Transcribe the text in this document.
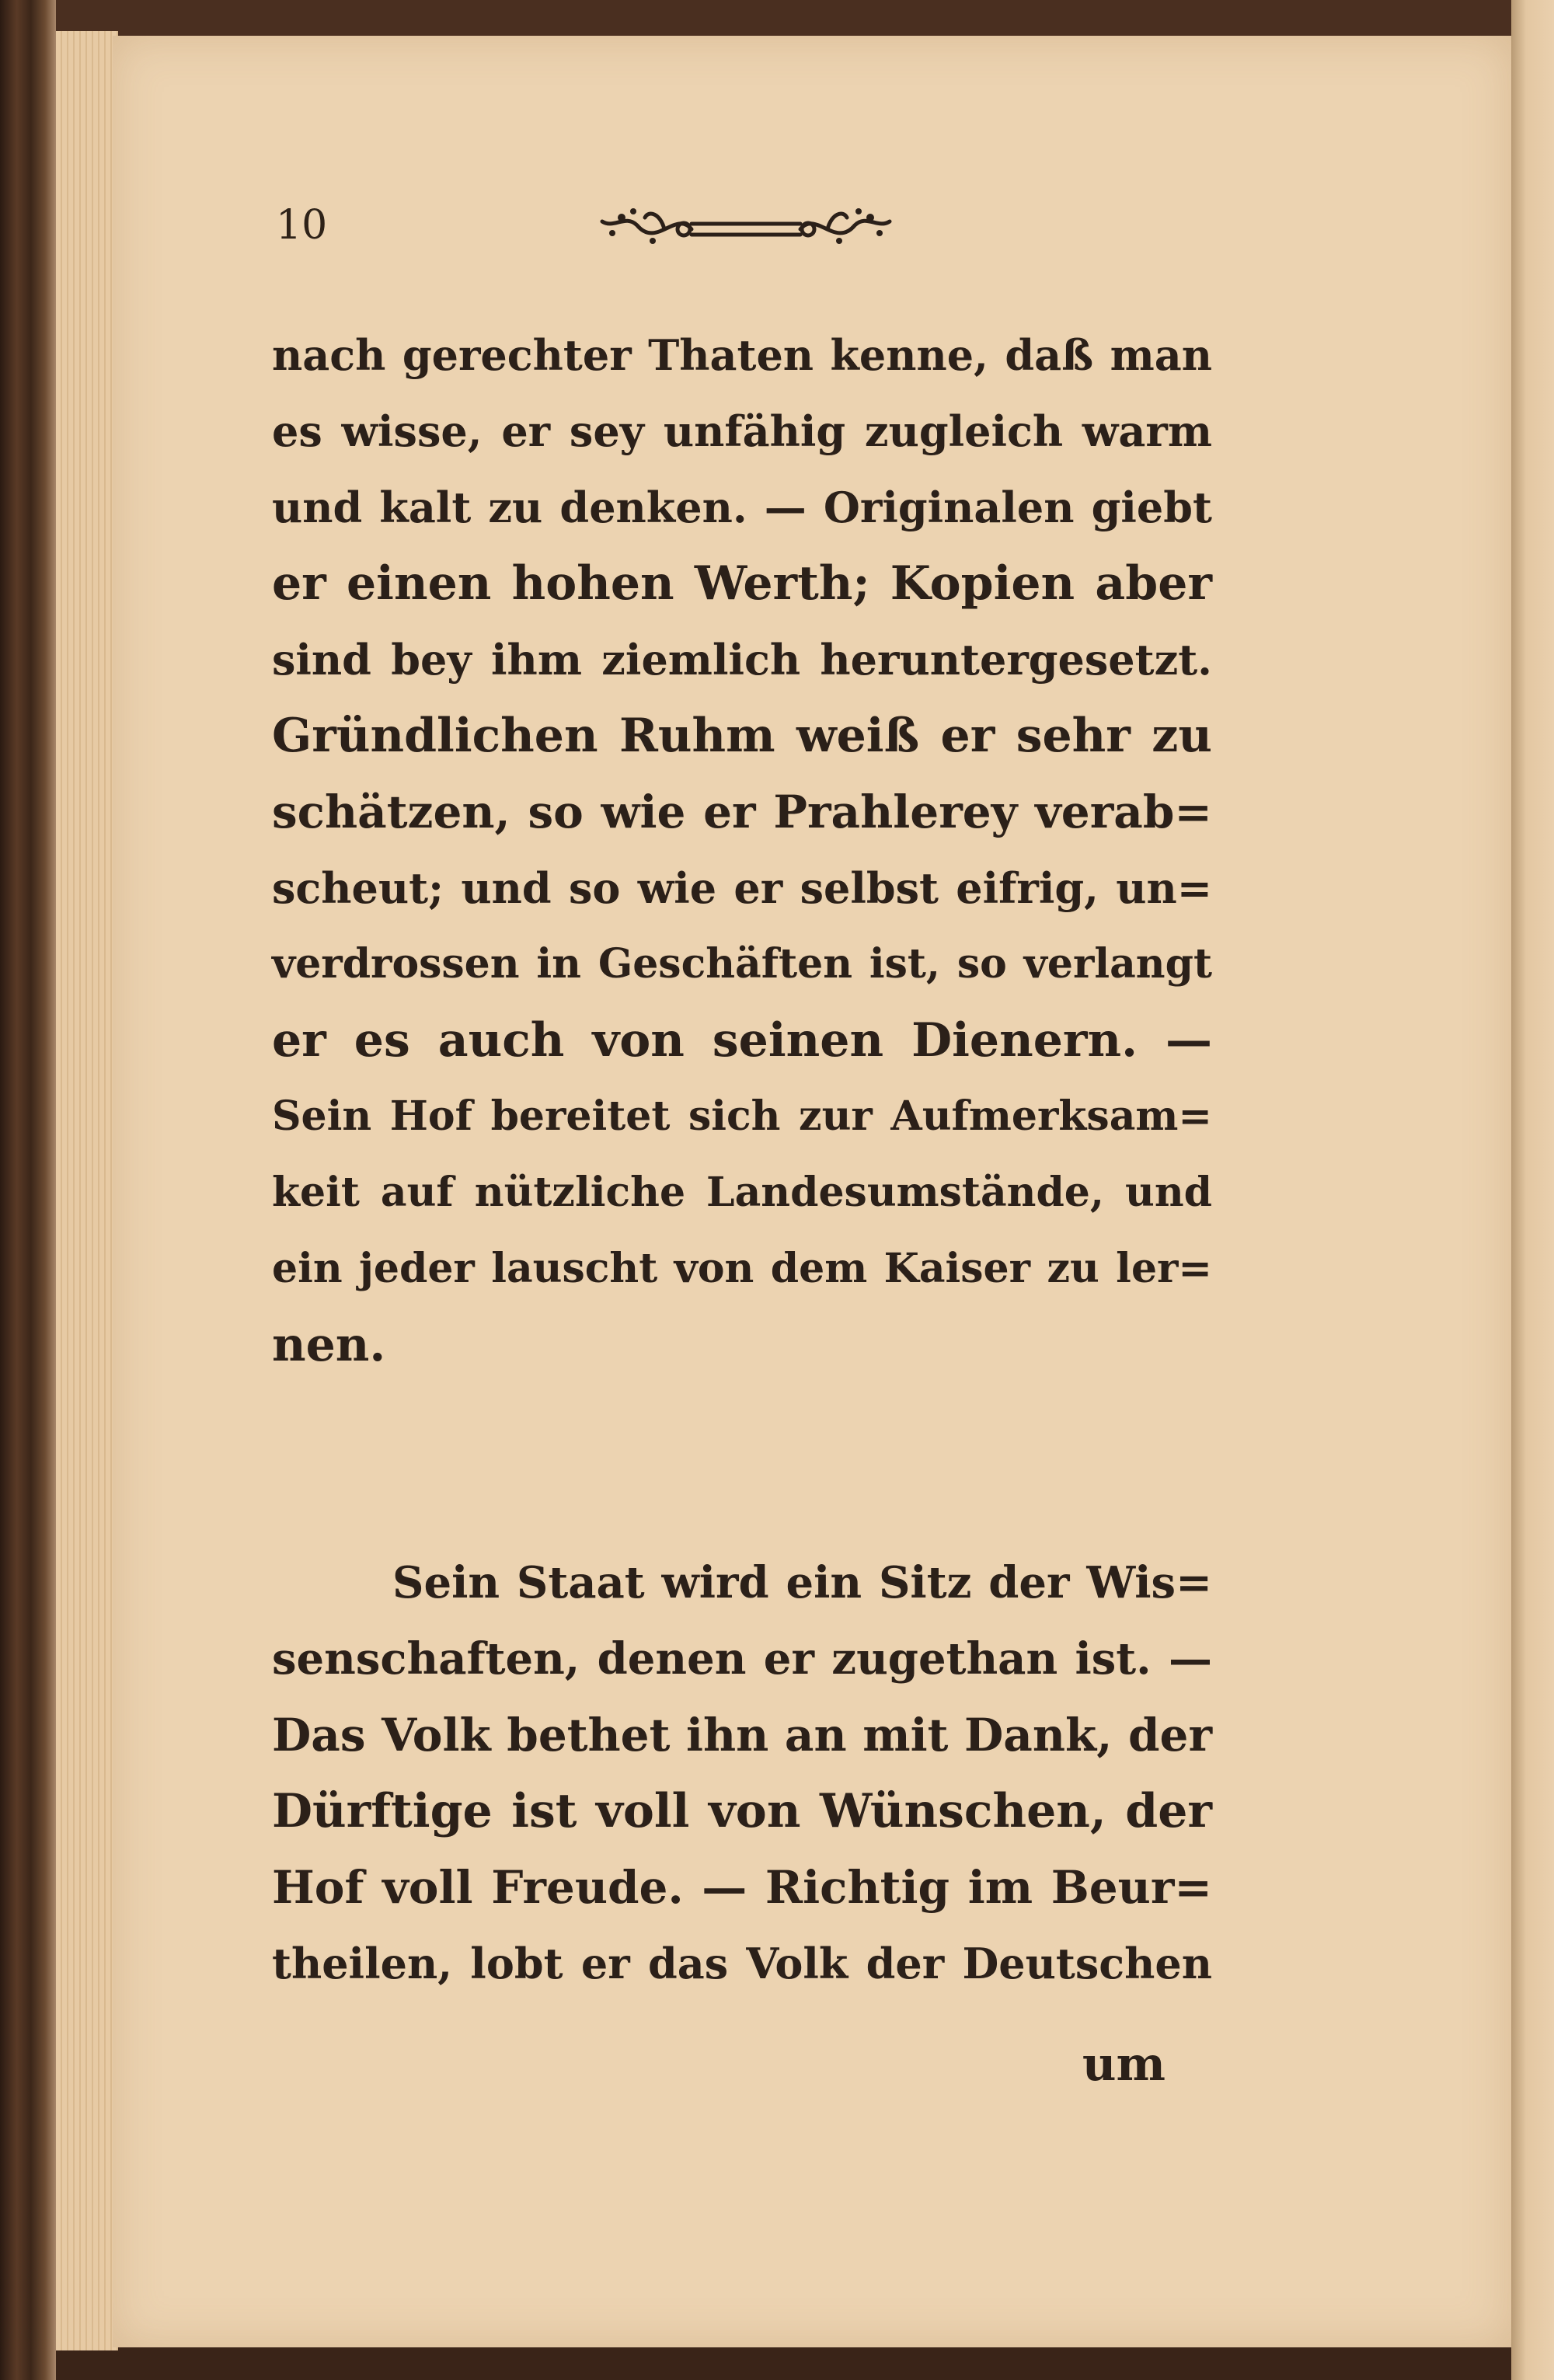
10
nach gerechter Thaten kenne, daß man
es wisse, er sey unfähig zugleich warm
und kalt zu denken. — Originalen giebt
er einen hohen Werth; Kopien aber
sind bey ihm ziemlich heruntergesetzt.
Gründlichen Ruhm weiß er sehr zu
schätzen, so wie er Prahlerey verab=
scheut; und so wie er selbst eifrig, un=
verdrossen in Geschäften ist, so verlangt
er es auch von seinen Dienern. —
Sein Hof bereitet sich zur Aufmerksam=
keit auf nützliche Landesumstände, und
ein jeder lauscht von dem Kaiser zu ler=
nen.
Sein Staat wird ein Sitz der Wis=
senschaften, denen er zugethan ist. —
Das Volk bethet ihn an mit Dank, der
Dürftige ist voll von Wünschen, der
Hof voll Freude. — Richtig im Beur=
theilen, lobt er das Volk der Deutschen
um
